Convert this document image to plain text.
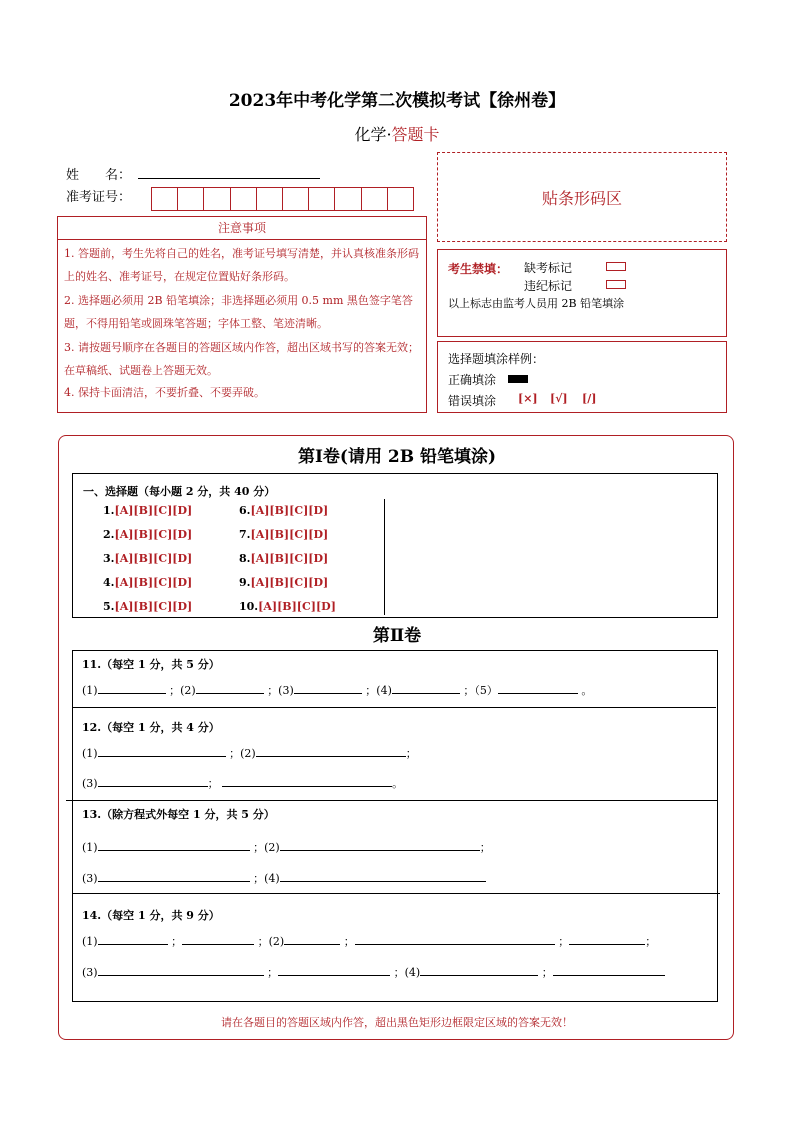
2023年中考化学第二次模拟考试【徐州卷】
化学·答题卡
姓　　名：
准考证号：	贴条形码区
注意事项
1. 答题前，考生先将自己的姓名，准考证号填写清楚，并认真核准条形码上的姓名、准考证号，在规定位置贴好条形码。
2. 选择题必须用 2B 铅笔填涂；非选择题必须用 0.5 mm 黑色签字笔答题，不得用铅笔或圆珠笔答题；字体工整、笔迹清晰。
3. 请按题号顺序在各题目的答题区域内作答，超出区域书写的答案无效；在草稿纸、试题卷上答题无效。
4. 保持卡面清洁，不要折叠、不要弄破。
考生禁填： 缺考标记
违纪标记
以上标志由监考人员用 2B 铅笔填涂
选择题填涂样例：
正确填涂
错误填涂 [×] [√] [/]
第Ⅰ卷(请用 2B 铅笔填涂)
一、选择题（每小题 2 分，共 40 分）
1.[A][B][C][D]
2.[A][B][C][D]
3.[A][B][C][D]
4.[A][B][C][D]
5.[A][B][C][D]
6.[A][B][C][D]
7.[A][B][C][D]
8.[A][B][C][D]
9.[A][B][C][D]
10.[A][B][C][D]
第Ⅱ卷
11.（每空 1 分，共 5 分）
(1)	；(2)	；(3)	；(4)	；（5）	。
12.（每空 1 分，共 4 分）
(1)	；(2)	；
(3)	；	。
13.（除方程式外每空 1 分，共 5 分）
(1)	；(2)	；
(3)	；(4)
14.（每空 1 分，共 9 分）
(1)	；	；(2)	；	；	；
(3)	；	；(4)	；
请在各题目的答题区域内作答，超出黑色矩形边框限定区域的答案无效！
